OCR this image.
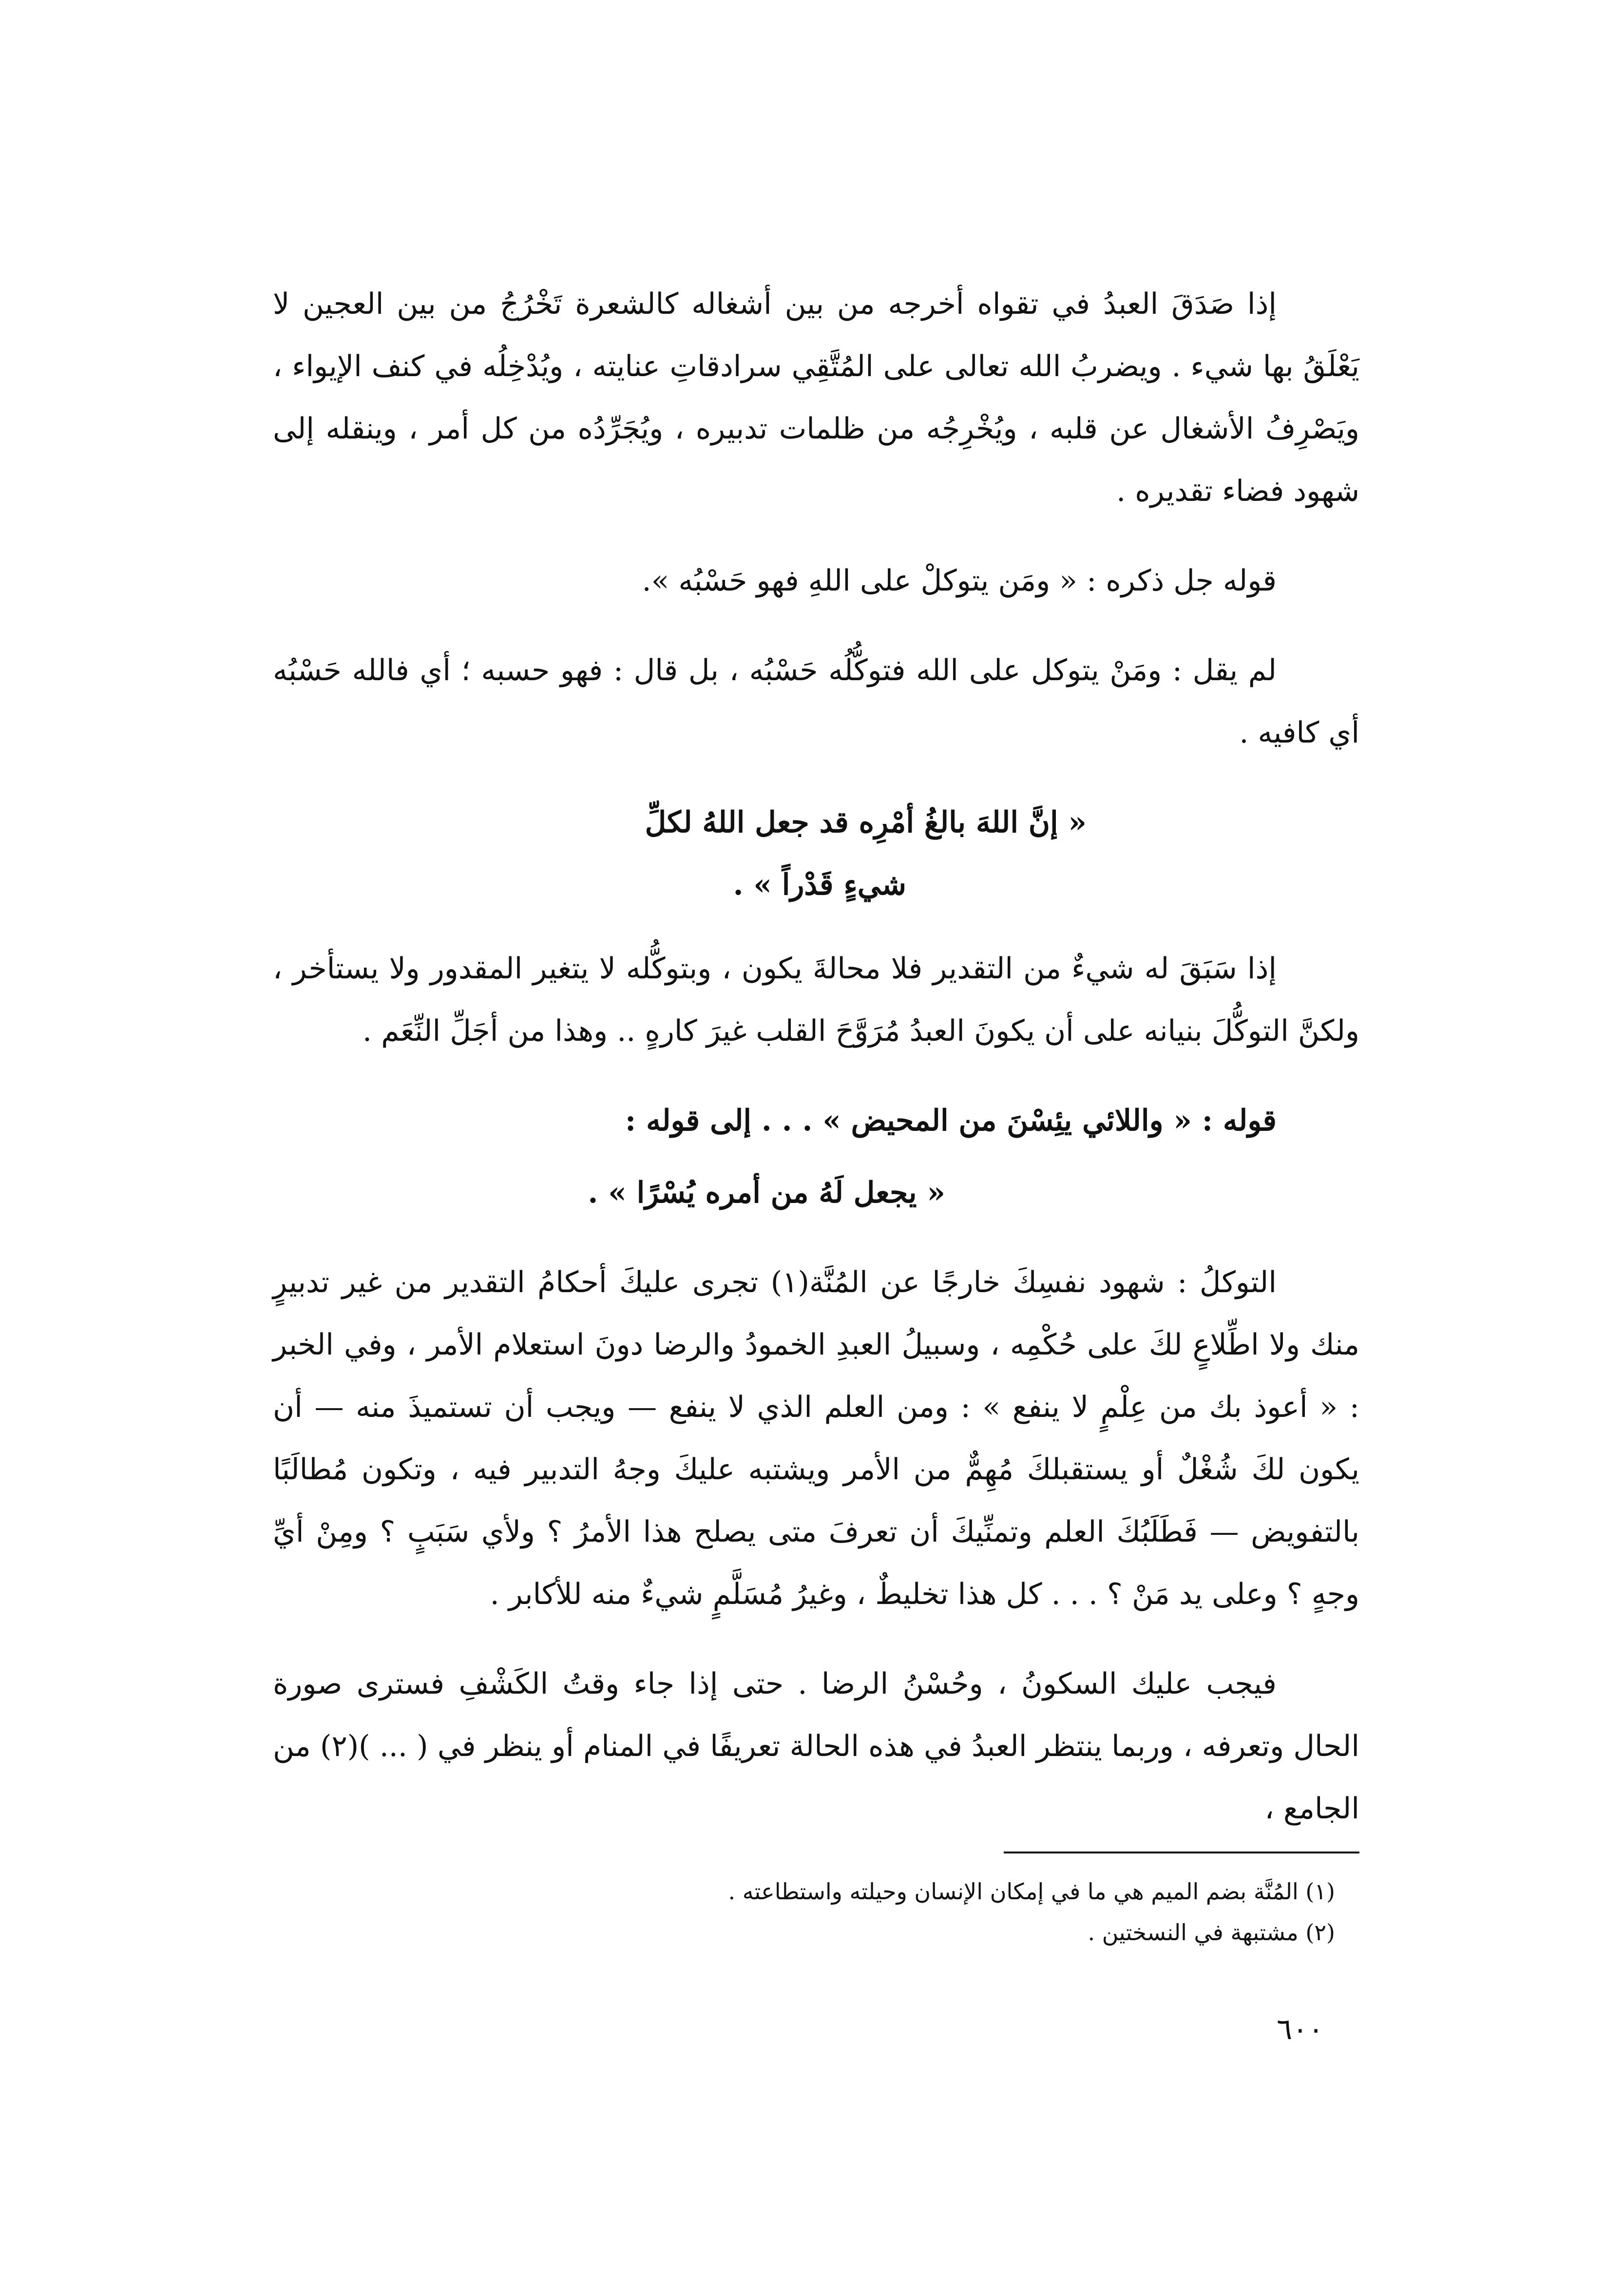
إذا صَدَقَ العبدُ في تقواه أخرجه من بين أشغاله كالشعرة تَخْرُجُ من بين العجين لا يَعْلَقُ بها شيء . ويضربُ الله تعالى على المُتَّقِي سرادقاتِ عنايته ، ويُدْخِلُه في كنف الإيواء ، ويَصْرِفُ الأشغال عن قلبه ، ويُخْرِجُه من ظلمات تدبيره ، ويُجَرِّدُه من كل أمر ، وينقله إلى شهود فضاء تقديره .

قوله جل ذكره : « ومَن يتوكلْ على اللهِ فهو حَسْبُه ».

لم يقل : ومَنْ يتوكل على الله فتوكُّلُه حَسْبُه ، بل قال : فهو حسبه ؛ أي فالله حَسْبُه أي كافيه .

« إنَّ اللهَ بالغُ أمْرِه قد جعل اللهُ لكلِّ
شيءٍ قَدْراً » .

إذا سَبَقَ له شيءٌ من التقدير فلا محالةَ يكون ، وبتوكُّله لا يتغير المقدور ولا يستأخر ، ولكنَّ التوكُّلَ بنيانه على أن يكونَ العبدُ مُرَوَّحَ القلب غيرَ كارهٍ .. وهذا من أجَلِّ النِّعَم .

قوله : « واللائي يئِسْنَ من المحيض » . . . إلى قوله :

« يجعل لَهُ من أمره يُسْرًا » .

التوكلُ : شهود نفسِكَ خارجًا عن المُنَّة(١) تجرى عليكَ أحكامُ التقدير من غير تدبيرٍ منك ولا اطِّلاعٍ لكَ على حُكْمِه ، وسبيلُ العبدِ الخمودُ والرضا دونَ استعلام الأمر ، وفي الخبر : « أعوذ بك من عِلْمٍ لا ينفع » : ومن العلم الذي لا ينفع — ويجب أن تستميذَ منه — أن يكون لكَ شُغْلٌ أو يستقبلكَ مُهِمٌّ من الأمر ويشتبه عليكَ وجهُ التدبير فيه ، وتكون مُطالَبًا بالتفويض — فَطَلَبُكَ العلم وتمنِّيكَ أن تعرفَ متى يصلح هذا الأمرُ ؟ ولأي سَبَبٍ ؟ ومِنْ أيِّ وجهٍ ؟ وعلى يد مَنْ ؟ . . . كل هذا تخليطٌ ، وغيرُ مُسَلَّمٍ شيءٌ منه للأكابر .

فيجب عليك السكونُ ، وحُسْنُ الرضا . حتى إذا جاء وقتُ الكَشْفِ فسترى صورة الحال وتعرفه ، وربما ينتظر العبدُ في هذه الحالة تعريفًا في المنام أو ينظر في ( ... )(٢) من الجامع ،

(١) المُنَّة بضم الميم هي ما في إمكان الإنسان وحيلته واستطاعته .

(٢) مشتبهة في النسختين .

٦٠٠
